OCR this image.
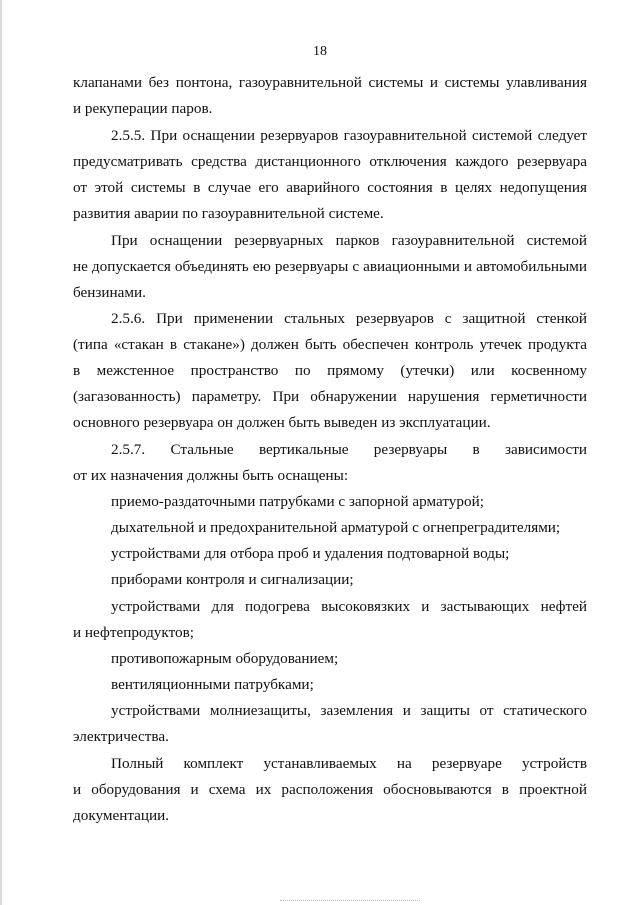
18
клапанами без понтона, газоуравнительной системы и системы улавливания
и рекуперации паров.
2.5.5. При оснащении резервуаров газоуравнительной системой следует
предусматривать средства дистанционного отключения каждого резервуара
от этой системы в случае его аварийного состояния в целях недопущения
развития аварии по газоуравнительной системе.
При оснащении резервуарных парков газоуравнительной системой
не допускается объединять ею резервуары с авиационными и автомобильными
бензинами.
2.5.6. При применении стальных резервуаров с защитной стенкой
(типа «стакан в стакане») должен быть обеспечен контроль утечек продукта
в межстенное пространство по прямому (утечки) или косвенному
(загазованность) параметру. При обнаружении нарушения герметичности
основного резервуара он должен быть выведен из эксплуатации.
2.5.7. Стальные вертикальные резервуары в зависимости
от их назначения должны быть оснащены:
приемо-раздаточными патрубками с запорной арматурой;
дыхательной и предохранительной арматурой с огнепреградителями;
устройствами для отбора проб и удаления подтоварной воды;
приборами контроля и сигнализации;
устройствами для подогрева высоковязких и застывающих нефтей
и нефтепродуктов;
противопожарным оборудованием;
вентиляционными патрубками;
устройствами молниезащиты, заземления и защиты от статического
электричества.
Полный комплект устанавливаемых на резервуаре устройств
и оборудования и схема их расположения обосновываются в проектной
документации.
